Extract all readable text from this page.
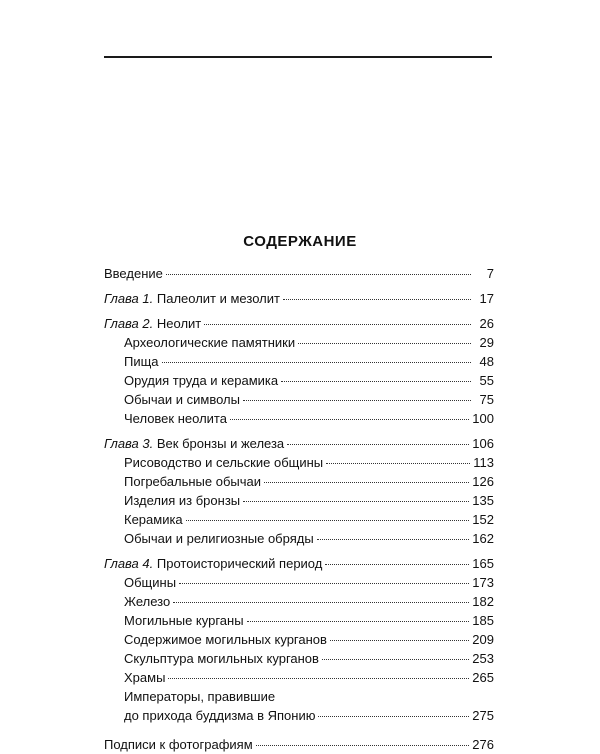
СОДЕРЖАНИЕ
Введение	7
Глава 1. Палеолит и мезолит	17
Глава 2. Неолит	26
Археологические памятники	29
Пища	48
Орудия труда и керамика	55
Обычаи и символы	75
Человек неолита	100
Глава 3. Век бронзы и железа	106
Рисоводство и сельские общины	113
Погребальные обычаи	126
Изделия из бронзы	135
Керамика	152
Обычаи и религиозные обряды	162
Глава 4. Протоисторический период	165
Общины	173
Железо	182
Могильные курганы	185
Содержимое могильных курганов	209
Скульптура могильных курганов	253
Храмы	265
Императоры, правившие
до прихода буддизма в Японию	275
Подписи к фотографиям	276
